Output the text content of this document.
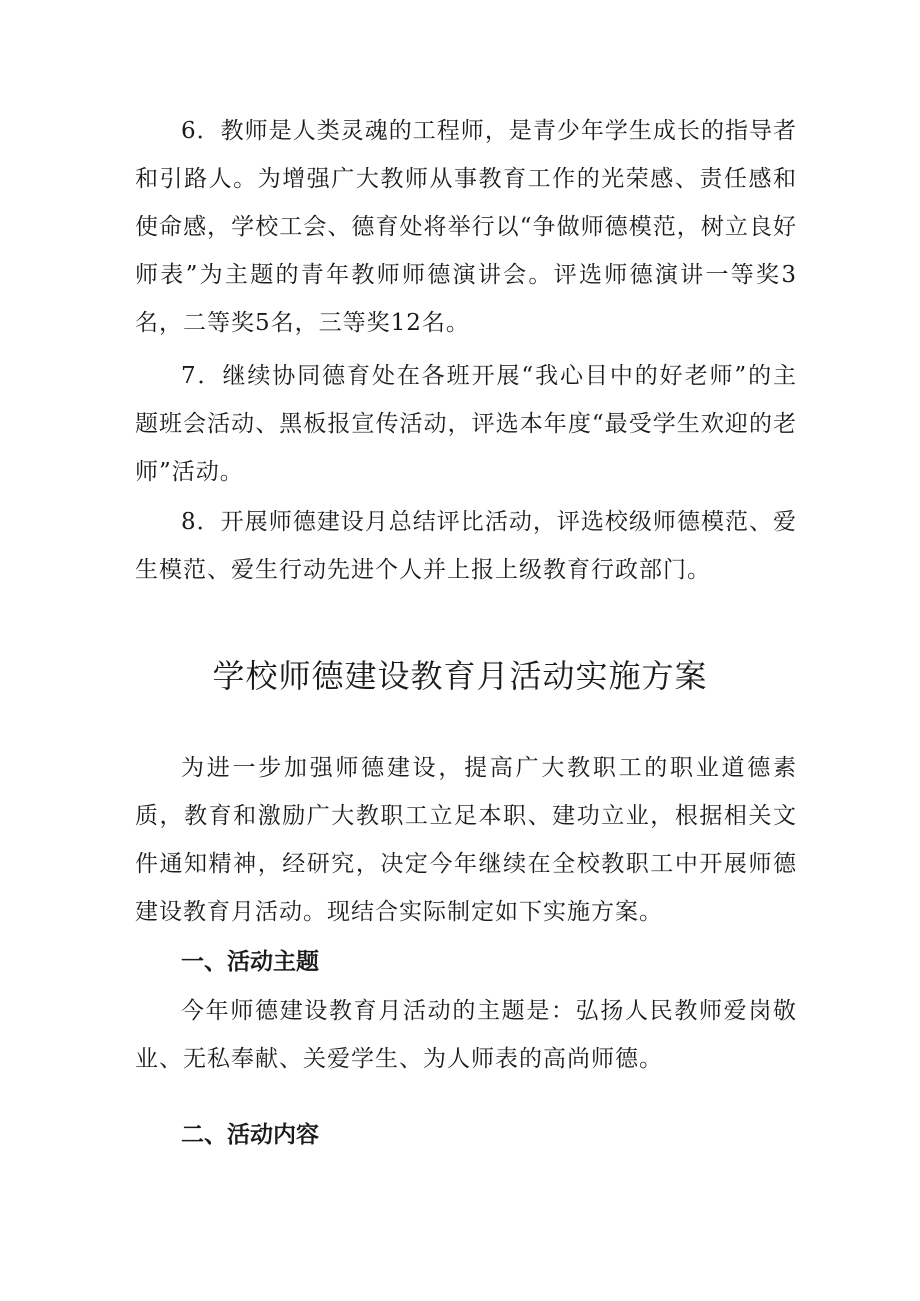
6．教师是人类灵魂的工程师，是青少年学生成长的指导者和引路人。为增强广大教师从事教育工作的光荣感、责任感和使命感，学校工会、德育处将举行以“争做师德模范，树立良好师表”为主题的青年教师师德演讲会。评选师德演讲一等奖3名，二等奖5名，三等奖12名。

7．继续协同德育处在各班开展“我心目中的好老师”的主题班会活动、黑板报宣传活动，评选本年度“最受学生欢迎的老师”活动。

8．开展师德建设月总结评比活动，评选校级师德模范、爱生模范、爱生行动先进个人并上报上级教育行政部门。

学校师德建设教育月活动实施方案

为进一步加强师德建设，提高广大教职工的职业道德素质，教育和激励广大教职工立足本职、建功立业，根据相关文件通知精神，经研究，决定今年继续在全校教职工中开展师德建设教育月活动。现结合实际制定如下实施方案。

一、活动主题

今年师德建设教育月活动的主题是：弘扬人民教师爱岗敬业、无私奉献、关爱学生、为人师表的高尚师德。

二、活动内容
